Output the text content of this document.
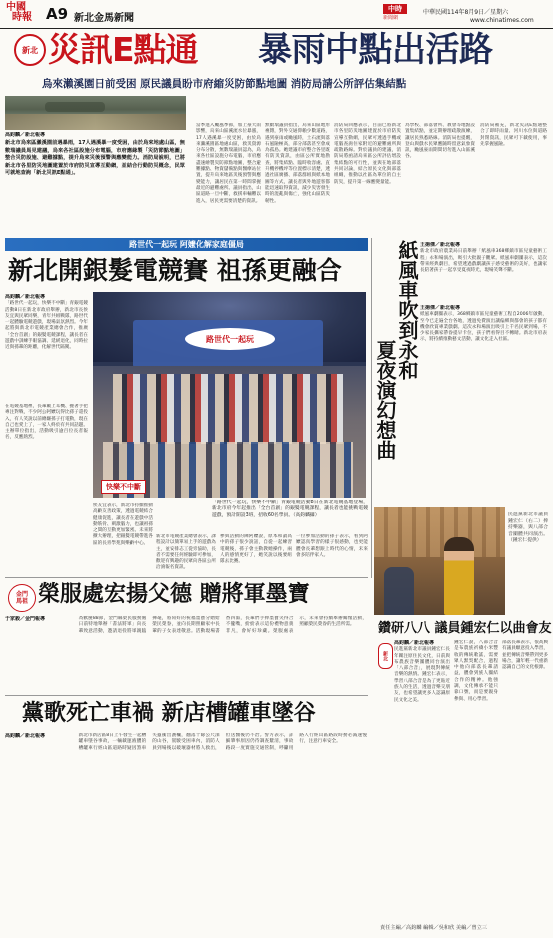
中國
時報 A9 新北金馬新聞
中時
新聞網
中華民國114年8月9日／星期六
www.chinatimes.com
新北 災訊E點通 暴雨中點出活路
烏來瀨溪園日前受困 原民議員盼市府縮災防節點地圖 消防局請公所評估集結點
高鈞麟／新北報導
新北市烏來區瀨溪園前遇暴雨，17人遇溪暴一度受困，由於烏來地處山區，無數瑞議員馬見建議，烏來各社區設施分布電腦，市府應緣製「災防節點地圖」整合災防設施、避難據點，提升烏來災後預警與應變能力。消防局說明，已將新北市各里防災地圖建置於市府防災宣導互動網，並結合行動防災概念，民眾可就地查詢「新北災訊E點通」。
當季進入颱風季節，加上豪大雨影響，烏來山區溪流水位暴漲，17人遇溪暴一度受困，由於烏來瀨溪園區地處山區，救災資源分布分散，無數瑞議員認為，烏來各社區設施分布電腦，市府應盡速繪製災防節點地圖，整合避難據點、物資儲備點與醫療站位置，提升烏來地區災後預警與應變能力，讓居民在第一時間掌握最近的避難處所。議員指出，山區道路一旦中斷，救援車輛難以進入，居民更需要清楚的資訊。
無數瑞議員指出，烏來山區地形複雜，對外交通仰賴少數道路，遇到豪雨或颱風時，土石流與落石風險極高，部分部落甚至會成為孤島。她建議市府整合各里既有防災資訊，由區公所實地勘查，將集結點、臨時收容處、直升機停機坪等位置標示清楚，透過社區廣播、部落群組與紙本地圖等方式，讓長者與外地遊客都能迅速取得資訊，減少災害發生時的混亂與傷亡，強化山區防災韌性。
消防局回應表示，目前已將新北市各里防災地圖建置於市府防災宣導互動網，民眾可透過手機或電腦查詢住家附近的避難處所與疏散路線。對於議員的建議，消防局將函請烏來區公所評估增設集結點的可行性，並與在地部落共同討論，結合原民文化與部落組織，推動以社區為單位的自主防災，提升第一線應變量能。
為學校、部落會所、教會等地點設置集結點，並定期辦理疏散演練，讓居民熟悉路線。消防局也提醒，登山與戲水民眾應隨時留意氣象資訊，颱風豪雨期間切勿進入山區溪谷。
消防局補充，新北災訊E點通整合了即時雨量、河川水位與道路封閉資訊，民眾可下載使用，事先掌握風險。
路世代一起玩 阿嬤化解家庭僵局
新北開銀髮電競賽 祖孫更融合
高鈞麟／新北報導
「路世代一起玩，快樂不中斷」青銀電競活動8日在新北市政府舉辦，新北市長侯友宜與民眾同樂，青年共組戰隊，路世代一起體驗電競遊戲，現場氣氛熱烈。今年起將與新北市電競產業總會合作，推廣「全台首創」的銀髮電競課程，讓長者在遊戲中訓練手眼協調、延緩退化，同時拉近與孫輩的距離，化解世代隔閡。
在電競基地裡，長輩戴上耳機、握著手把專注對戰，不少阿公阿嬤玩得比孫子還投入，有人笑說以前總嫌孫子打電動，現在自己也愛上了，一家人終於有共同話題。主辦單位指出，活動吸引逾百位長者報名，反應熱烈。
路世代一起玩
快樂不中斷
「路世代一起玩，快樂不中斷」青銀電競活動8日在新北電競基地登場，新北市府今年起推出「全台首創」的銀髮電競課程，讓長者也能挑戰電競遊戲，預計開設3班，招收60名學員。（高鈞麟攝）
侯友宜表示，新北市持續推動高齡友善政策，透過電競結合健康促進，讓長者在遊戲中活動筋骨、刺激腦力，也讓祖孫之間的互動更加緊密。未來將擴大辦理，把銀髮電競帶進各區的長青學苑與樂齡中心。
新北市電競產業總會表示，課程設計以簡單易上手的遊戲為主，並安排志工從旁協助，長者不需要任何經驗即可參加，歡迎有興趣的民眾向各區公所洽詢報名資訊。
參與活動的陳阿嬤說，原本和讀高中的孫子很少說話，自從一起練習電競後，孫子會主動教她操作，兩人的感情更好了，她笑說以後要組隊去比賽。
一位參加活動的孫子表示，看到阿嬤認真學習的樣子很感動，也更能體會長輩想跟上時代的心情，未來會多陪伴家人。
王揚傑／新北報導
新北市政府農業局日前舉辦「紙風車368鄉鎮市區兒童藝術工程」永和場演出，吸引大批親子觀眾。紙風車劇團表示，這次帶來經典劇目，希望透過戲劇讓孩子感受藝術的美好，也讓家長陪著孩子一起享受夏夜時光，現場笑聲不斷。
紙風車吹到永和
夏夜演幻想曲
王揚傑／新北報導
紙風車劇團表示，368鄉鎮市區兒童藝術工程自2006年啟動，至今已走遍全台各地，透過免費演出讓偏鄉與都會的孩子都有機會欣賞專業戲劇。這次永和場演出吸引上千名民眾到場，不少家長攜家帶眷提早卡位，孩子們看得目不轉睛。新北市府表示，將持續推動藝文活動，讓文化走入社區。
民進黨新北市議員鍾宏仁（右二）捧持樂器，與八部合音團體共同演出。（鍾宏仁提供）
鑽研八八 議員鍾宏仁以曲會友
新北
高鈞麟／新北報導
民進黨新北市議員鍾宏仁長年關注原住民文化，日前與布農族音樂團體同台演出「八部合音」，展現對傳統音樂的熱情。鍾宏仁表示，學習八部合音是為了更貼近族人的生活，透過音樂交朋友，也希望讓更多人認識原民文化之美。
鍾宏仁說，八部合音是布農族祈禱小米豐收的傳統歌謠，需要眾人默契配合，過程中他向部落長輩請益，體會到族人團結合作的精神。他強調，文化傳承不能只靠口號，而是要親身參與、用心學習。
部落長輩表示，很高興有議員願意投入學習，並把傳統音樂帶到更多場合，讓年輕一代重新認識自己的文化根源。
金門
馬祖 榮服處宏揚父德 贈將軍墨寶
于家毅／金門報導	為歡慶88節，金門縣榮民服務處日前特地舉辦「書法將軍」向長輩致意活動，邀請退役將軍親臨揮毫，將寫好的祝福墨寶分贈給榮民榮眷，並向長期照顧家中長輩的子女表達敬意。活動現場書香四溢，長輩們手捧墨寶笑得合不攏嘴，紛紛表示這份禮物意義非凡，會好好珍藏。榮服處表示，未來會持續舉辦關懷活動，照顧榮民榮眷的生活所需。
黨歌死亡車禍 新店槽罐車墜谷
高鈞麟／新北報導	新北市新店區8日上午發生一起槽罐車墜谷事故，一輛載運液體的槽罐車行經山區道路時疑因煞車失靈衝出護欄，翻落十餘公尺深的山谷，駕駛受困車內，消防人員到場後以破壞器材將人救出，但送醫後仍不治。警方表示，詳細肇事原因仍待調查釐清，事故路段一度實施交通管制，呼籲用路人行經山區路段時務必減速慢行，注意行車安全。
責任主編／高鈞麟 編輯／吳和欣 美編／曾立三
